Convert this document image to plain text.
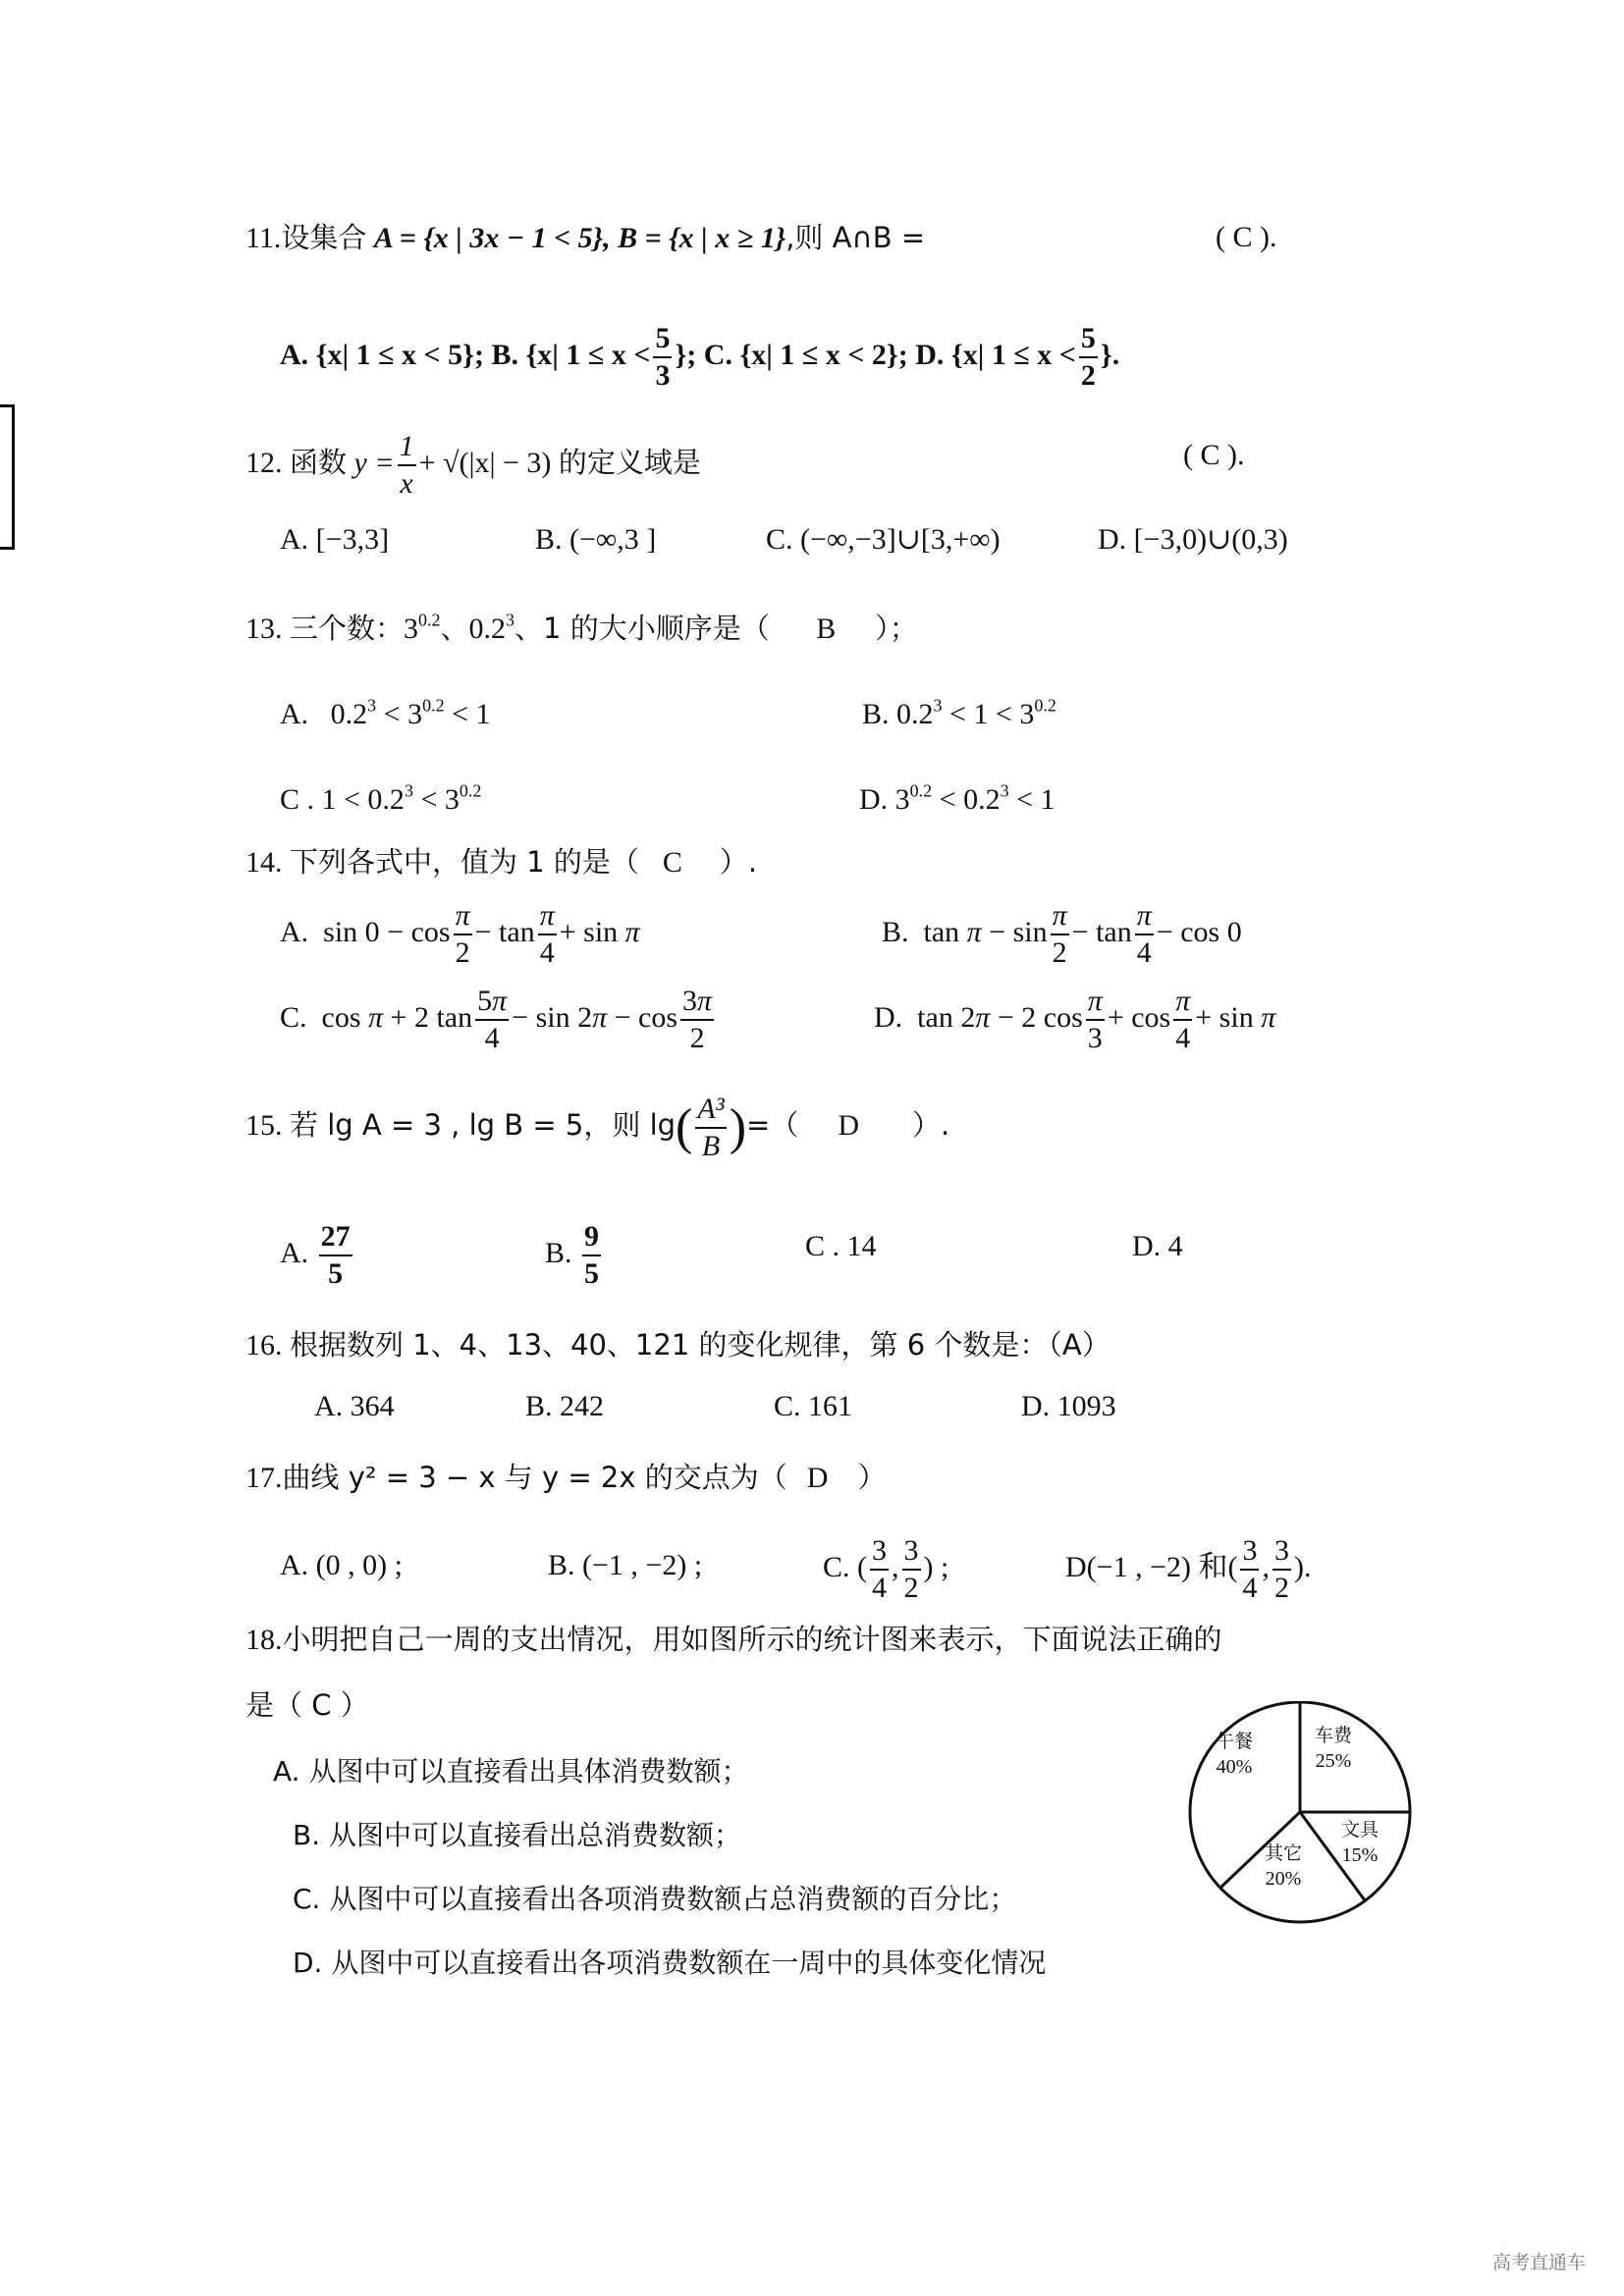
11.设集合 A = {x | 3x − 1 < 5}, B = {x | x ≥ 1},则 A∩B =	( C ).
A. {x| 1 ≤ x < 5}; B. {x| $1 \le x < \frac{5}{3}$ }; C. {x| 1 ≤ x < 2}; D. {x| $1 \le x < \frac{5}{2}$ }.
12. 函数 $y = \frac{1}{x} + √(|x| - 3)$ 的定义域是	( C ).
A. [−3,3]	B. (−∞,3 ]	C. (−∞,−3]∪[3,+∞)	D. [−3,0)∪(0,3)
13. 三个数：$3^{0.2}$、$0.2^3$、1 的大小顺序是（ B ）；
A.   $0.2^3 < 3^{0.2} < 1$	B. $0.2^3 < 1 < 3^{0.2}$
C . $1 < 0.2^3 < 3^{0.2}$	D. $3^{0.2} < 0.2^3 < 1$
14. 下列各式中，值为 1 的是（ C ）.
A.  $\sin 0 - \cos \frac{\pi}{2} - \tan \frac{\pi}{4} + \sin \pi$	B.  $\tan \pi - \sin \frac{\pi}{2} - \tan \frac{\pi}{4} - \cos 0$
C.  cos π + 2 $\tan \frac{5\pi}{4} - \sin 2\pi - \cos \frac{3\pi}{2}$	D.  tan 2π − 2 $\cos \frac{\pi}{3} + \cos \frac{\pi}{4} + \sin \pi$
15. 若 lg A = 3 , lg B = 5，则 $\lg( \frac{\text{A³}}{B}$ )=（ D ）.
A. $\frac{27}{5}$	B. $\frac{9}{5}$	C . 14	D. 4
16. 根据数列 1、4、13、40、121 的变化规律，第 6 个数是：（A）
A. 364	B. 242	C. 161	D. 1093
17.曲线 y² = 3 − x 与 y = 2x 的交点为（ D ）
A. (0 , 0) ;	B. (−1 , −2) ;	C. ( $\frac{3}{4}$ , $\frac{3}{2}$ ) ;	D(−1 , −2) 和( $\frac{3}{4}$ , $\frac{3}{2}$ ).
18.小明把自己一周的支出情况，用如图所示的统计图来表示，下面说法正确的
是（ C ）
A. 从图中可以直接看出具体消费数额；
B. 从图中可以直接看出总消费数额；
C. 从图中可以直接看出各项消费数额占总消费额的百分比；
D. 从图中可以直接看出各项消费数额在一周中的具体变化情况
午餐
40%
车费
25%
文具
15%
其它
20%
高考直通车
